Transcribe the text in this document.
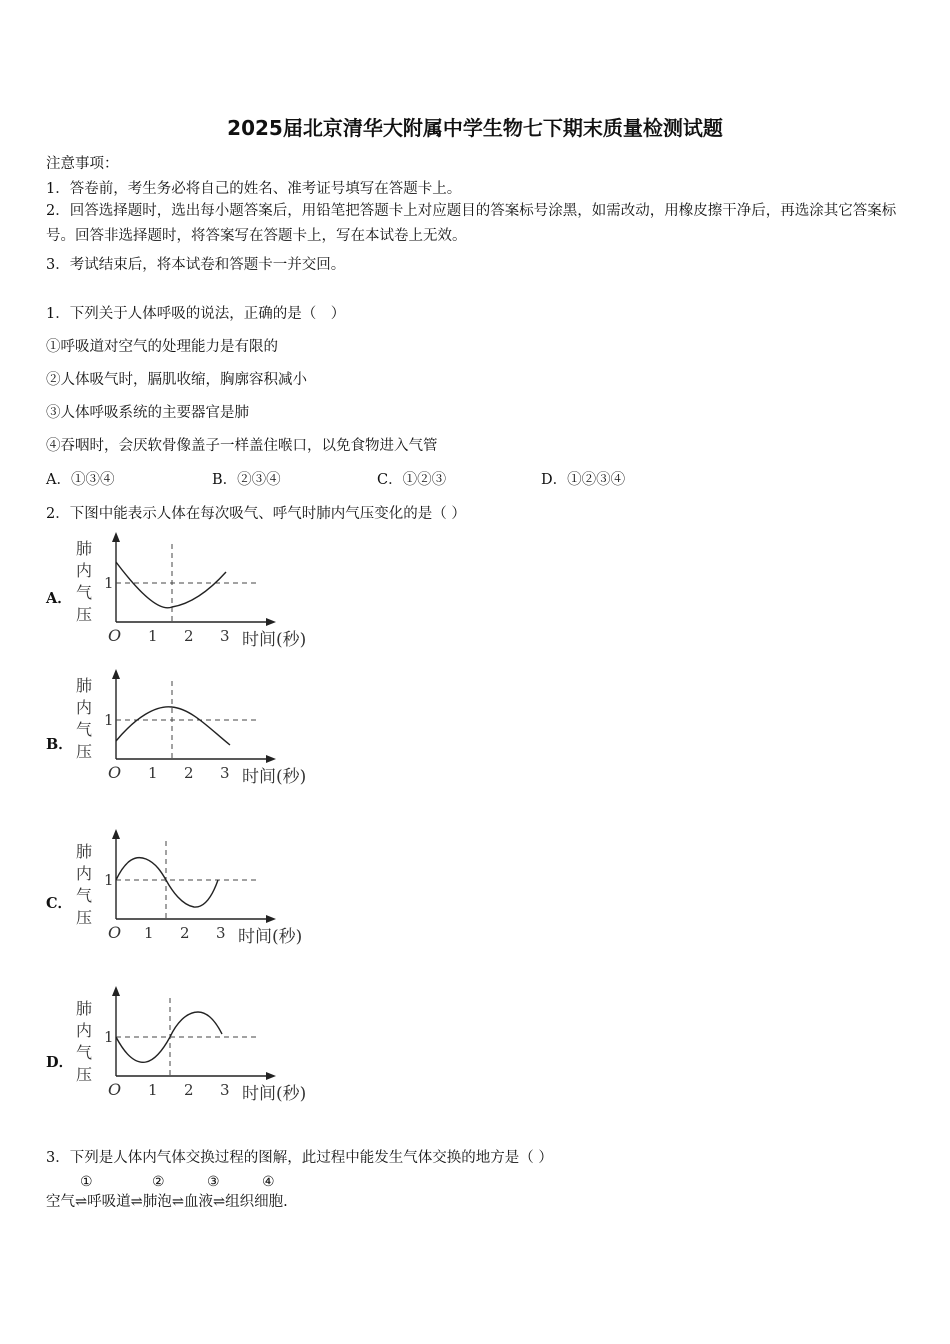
2025届北京清华大附属中学生物七下期末质量检测试题
注意事项：
1．答卷前，考生务必将自己的姓名、准考证号填写在答题卡上。
2．回答选择题时，选出每小题答案后，用铅笔把答题卡上对应题目的答案标号涂黑，如需改动，用橡皮擦干净后，再选涂其它答案标号。回答非选择题时，将答案写在答题卡上，写在本试卷上无效。
3．考试结束后，将本试卷和答题卡一并交回。
1．下列关于人体呼吸的说法，正确的是（　）
①呼吸道对空气的处理能力是有限的
②人体吸气时，膈肌收缩，胸廓容积减小
③人体呼吸系统的主要器官是肺
④吞咽时，会厌软骨像盖子一样盖住喉口，以免食物进入气管
A．①③④	B．②③④	C．①②③	D．①②③④
2．下图中能表示人体在每次吸气、呼气时肺内气压变化的是（ ）
A．
肺
内
气
压
1
O 1 2 3 时间(秒)
B．
肺
内
气
压
1
O 1 2 3 时间(秒)
C．
肺
内
气
压
1
O 1 2 3 时间(秒)
D．
肺
内
气
压
1
O 1 2 3 时间(秒)
3．下列是人体内气体交换过程的图解，此过程中能发生气体交换的地方是（ ）
①	②	③	④
空气⇌呼吸道⇌肺泡⇌血液⇌组织细胞.
